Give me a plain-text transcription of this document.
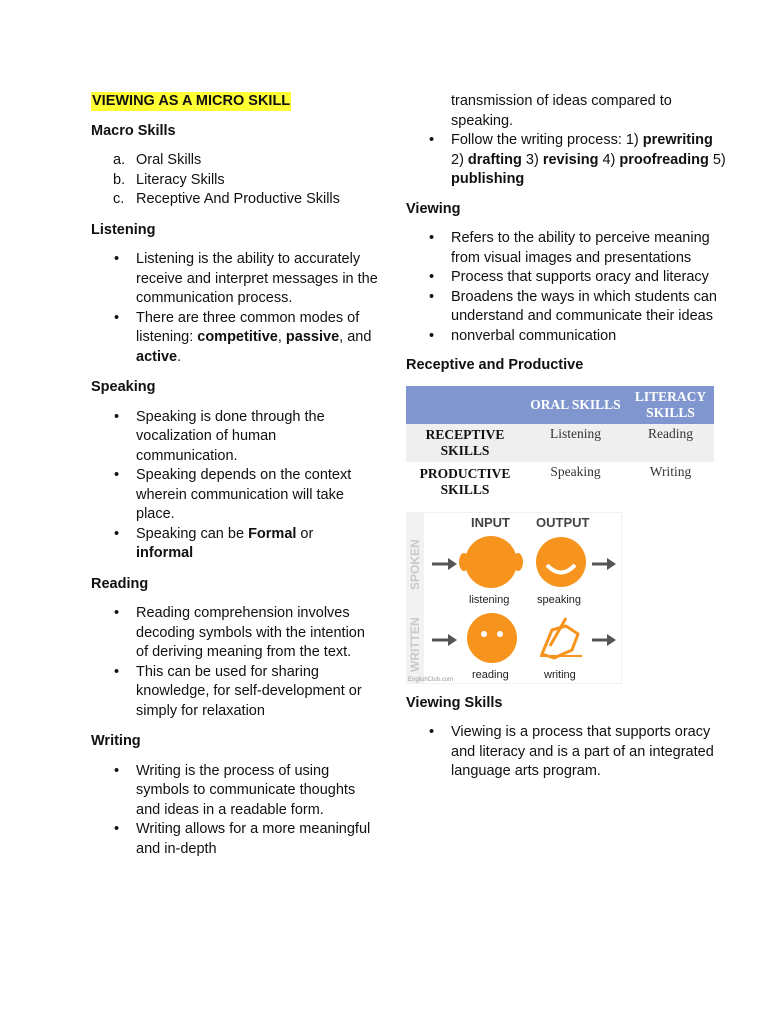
VIEWING AS A MICRO SKILL
Macro Skills
a. Oral Skills
b. Literacy Skills
c. Receptive And Productive Skills
Listening
• Listening is the ability to accurately receive and interpret messages in the communication process.
• There are three common modes of listening: competitive, passive, and active.
Speaking
• Speaking is done through the vocalization of human communication.
• Speaking depends on the context wherein communication will take place.
• Speaking can be Formal or
informal
Reading
• Reading comprehension involves decoding symbols with the intention of deriving meaning from the text.
• This can be used for sharing knowledge, for self-development or simply for relaxation
Writing
• Writing is the process of using symbols to communicate thoughts and ideas in a readable form.
• Writing allows for a more meaningful and in-depth
transmission of ideas compared to speaking.
• Follow the writing process: 1) prewriting 2) drafting 3) revising 4) proofreading 5) publishing
Viewing
• Refers to the ability to perceive meaning from visual images and presentations
• Process that supports oracy and literacy
• Broadens the ways in which students can understand and communicate their ideas
• nonverbal communication
Receptive and Productive
	ORAL SKILLS	LITERACY SKILLS
RECEPTIVE SKILLS	Listening	Reading
PRODUCTIVE SKILLS	Speaking	Writing
INPUT OUTPUT
SPOKEN
WRITTEN
listening	speaking
reading	writing
EnglishClub.com
Viewing Skills
• Viewing is a process that supports oracy and literacy and is a part of an integrated language arts program.
